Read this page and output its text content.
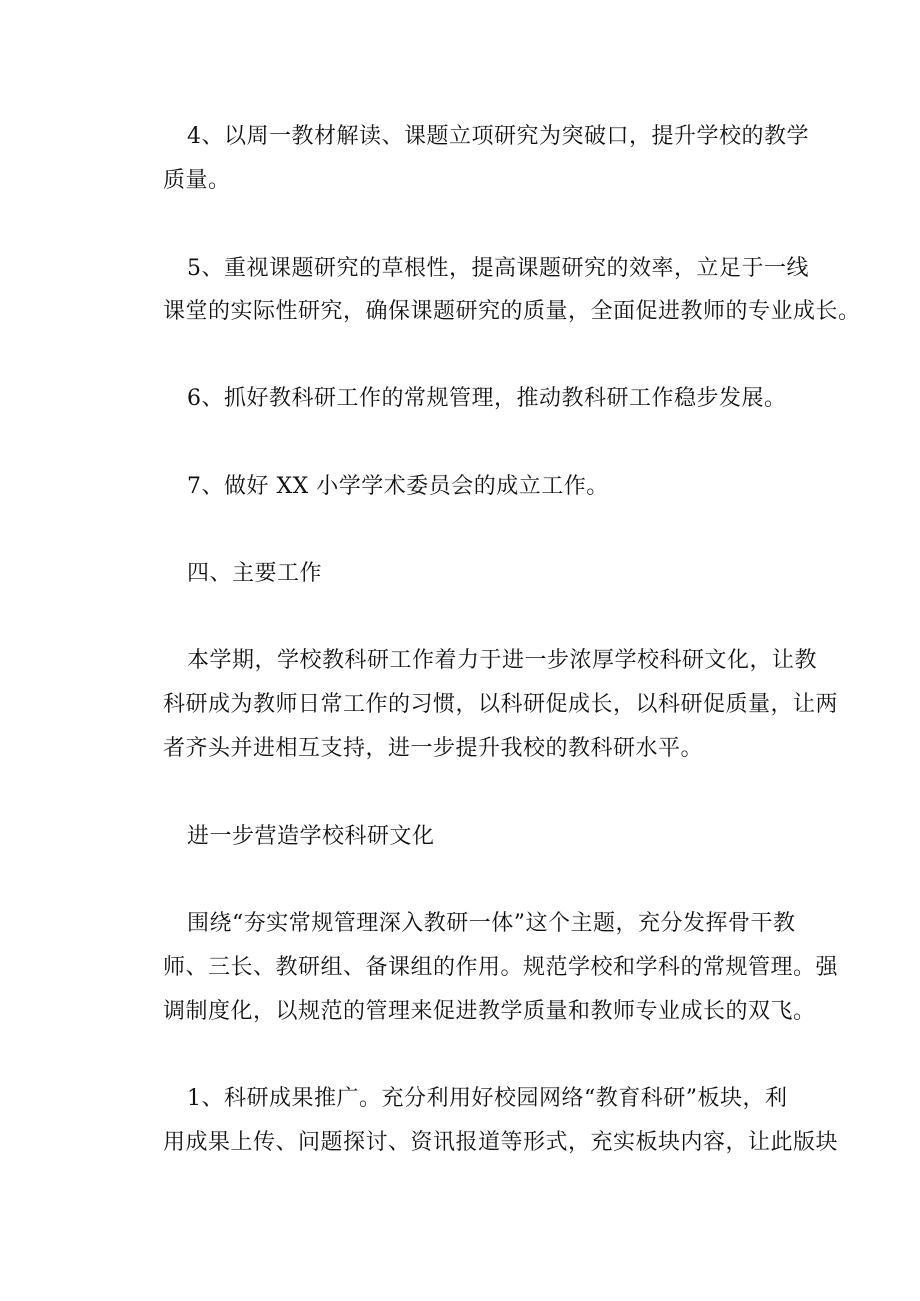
4、以周一教材解读、课题立项研究为突破口，提升学校的教学
质量。
5、重视课题研究的草根性，提高课题研究的效率，立足于一线
课堂的实际性研究，确保课题研究的质量，全面促进教师的专业成长。
6、抓好教科研工作的常规管理，推动教科研工作稳步发展。
7、做好 XX 小学学术委员会的成立工作。
四、主要工作
本学期，学校教科研工作着力于进一步浓厚学校科研文化，让教
科研成为教师日常工作的习惯，以科研促成长，以科研促质量，让两
者齐头并进相互支持，进一步提升我校的教科研水平。
进一步营造学校科研文化
围绕“夯实常规管理深入教研一体”这个主题，充分发挥骨干教
师、三长、教研组、备课组的作用。规范学校和学科的常规管理。强
调制度化，以规范的管理来促进教学质量和教师专业成长的双飞。
1、科研成果推广。充分利用好校园网络“教育科研”板块，利
用成果上传、问题探讨、资讯报道等形式，充实板块内容，让此版块
